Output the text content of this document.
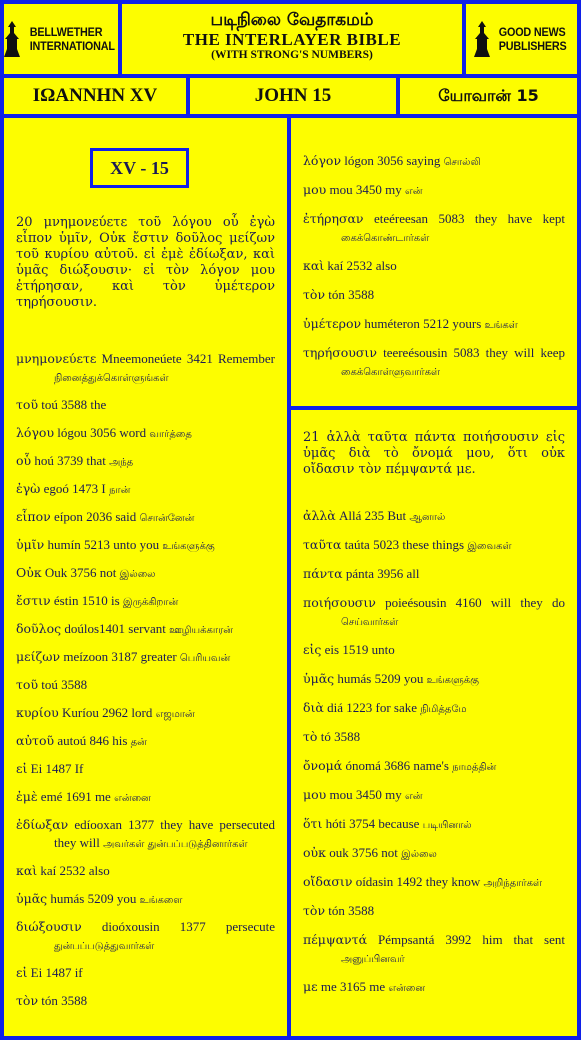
BELLWETHER
INTERNATIONAL
படிநிலை வேதாகமம்
THE INTERLAYER BIBLE
(WITH STRONG'S NUMBERS)
GOOD NEWS
PUBLISHERS
ΙΩΑΝΝΗΝ XV	JOHN 15	யோவான் 15
XV - 15
20 μνημονεύετε τοῦ λόγου οὗ ἐγὼ εἶπον ὑμῖν, Οὐκ ἔστιν δοῦλος μείζων τοῦ κυρίου αὐτοῦ. εἰ ἐμὲ ἐδίωξαν, καὶ ὑμᾶς διώξουσιν· εἰ τὸν λόγον μου ἐτήρησαν, καὶ τὸν ὑμέτερον τηρήσουσιν.

μνημονεύετε Mneemoneúete 3421 Remember நினைத்துக்கொள்ளுங்கள்

τοῦ toú 3588 the

λόγου lógou 3056 word வார்த்தை

οὗ hoú 3739 that அந்த

ἐγὼ egoó 1473 I நான்

εἶπον eípon 2036 said சொன்னேன்

ὑμῖν humín 5213 unto you உங்களுக்கு

Οὐκ Ouk 3756 not இல்லை

ἔστιν éstin 1510 is இருக்கிறான்

δοῦλος doúlos1401 servant ஊழியக்காரன்

μείζων meízoon 3187 greater பெரியவன்

τοῦ toú 3588

κυρίου Kuríou 2962 lord எஜமான்

αὐτοῦ autoú 846 his தன்

εἰ Ei 1487 If

ἐμὲ emé 1691 me என்னை

ἐδίωξαν edíooxan 1377 they have persecuted they will அவர்கள் துன்பப்படுத்தினார்கள்

καὶ kaí 2532 also

ὑμᾶς humás 5209 you உங்களை

διώξουσιν dioóxousin 1377 persecute துன்பப்படுத்துவார்கள்

εἰ Ei 1487 if

τὸν tón 3588

λόγον lógon 3056 saying சொல்லி

μου mou 3450 my என்

ἐτήρησαν eteéreesan 5083 they have kept கைக்கொண்டார்கள்

καὶ kaí 2532 also

τὸν tón 3588

ὑμέτερον huméteron 5212 yours உங்கள்

τηρήσουσιν teereésousin 5083 they will keep கைக்கொள்ளுவார்கள்

21 ἀλλὰ ταῦτα πάντα ποιήσουσιν εἰς ὑμᾶς διὰ τὸ ὄνομά μου, ὅτι οὐκ οἴδασιν τὸν πέμψαντά με.

ἀλλὰ Allá 235 But ஆனால்

ταῦτα taúta 5023 these things இவைகள்

πάντα pánta 3956 all

ποιήσουσιν poieésousin 4160 will they do செய்வார்கள்

εἰς eis 1519 unto

ὑμᾶς humás 5209 you உங்களுக்கு

διὰ diá 1223 for sake நிமித்தமே

τὸ tó 3588

ὄνομά ónomá 3686 name's நாமத்தின்

μου mou 3450 my என்

ὅτι hóti 3754 because படியினால்

οὐκ ouk 3756 not இல்லை

οἴδασιν oídasin 1492 they know அறிந்தார்கள்

τὸν tón 3588

πέμψαντά Pémpsantá 3992 him that sent அனுப்பினவர்

με me 3165 me என்னை
